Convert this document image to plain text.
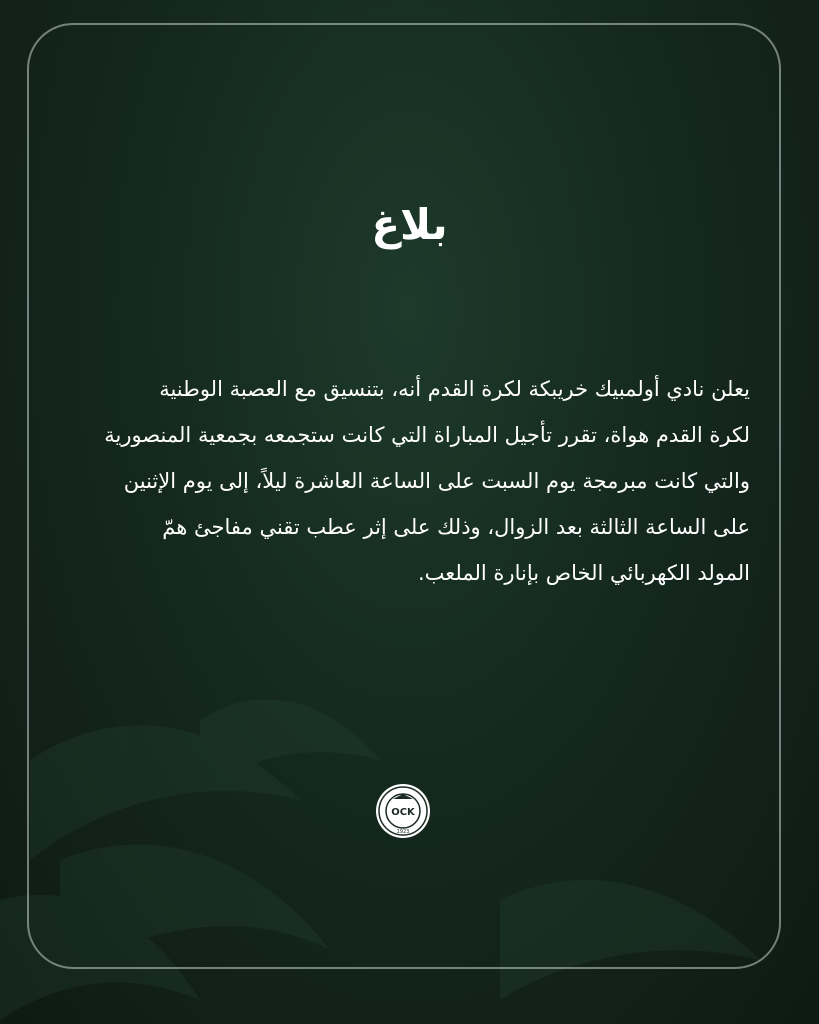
بلاغ

يعلن نادي أولمبيك خريبكة لكرة القدم أنه، بتنسيق مع العصبة الوطنية
لكرة القدم هواة، تقرر تأجيل المباراة التي كانت ستجمعه بجمعية المنصورية
والتي كانت مبرمجة يوم السبت على الساعة العاشرة ليلاً، إلى يوم الإثنين
على الساعة الثالثة بعد الزوال، وذلك على إثر عطب تقني مفاجئ همّ
المولد الكهربائي الخاص بإنارة الملعب.

OCK
1923
